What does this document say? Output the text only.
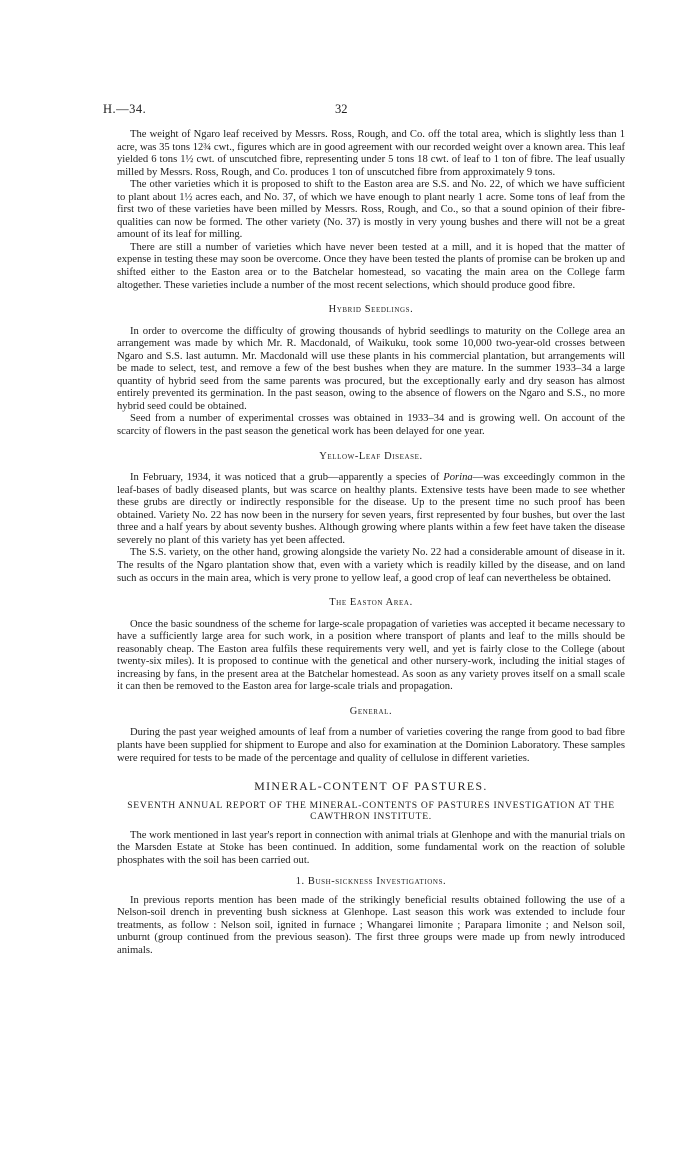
H.—34.	32

The weight of Ngaro leaf received by Messrs. Ross, Rough, and Co. off the total area, which is slightly less than 1 acre, was 35 tons 12¾ cwt., figures which are in good agreement with our recorded weight over a known area. This leaf yielded 6 tons 1½ cwt. of unscutched fibre, representing under 5 tons 18 cwt. of leaf to 1 ton of fibre. The leaf usually milled by Messrs. Ross, Rough, and Co. produces 1 ton of unscutched fibre from approximately 9 tons.

The other varieties which it is proposed to shift to the Easton area are S.S. and No. 22, of which we have sufficient to plant about 1½ acres each, and No. 37, of which we have enough to plant nearly 1 acre. Some tons of leaf from the first two of these varieties have been milled by Messrs. Ross, Rough, and Co., so that a sound opinion of their fibre-qualities can now be formed. The other variety (No. 37) is mostly in very young bushes and there will not be a great amount of its leaf for milling.

There are still a number of varieties which have never been tested at a mill, and it is hoped that the matter of expense in testing these may soon be overcome. Once they have been tested the plants of promise can be broken up and shifted either to the Easton area or to the Batchelar homestead, so vacating the main area on the College farm altogether. These varieties include a number of the most recent selections, which should produce good fibre.

Hybrid Seedlings.

In order to overcome the difficulty of growing thousands of hybrid seedlings to maturity on the College area an arrangement was made by which Mr. R. Macdonald, of Waikuku, took some 10,000 two-year-old crosses between Ngaro and S.S. last autumn. Mr. Macdonald will use these plants in his commercial plantation, but arrangements will be made to select, test, and remove a few of the best bushes when they are mature. In the summer 1933–34 a large quantity of hybrid seed from the same parents was procured, but the exceptionally early and dry season has almost entirely prevented its germination. In the past season, owing to the absence of flowers on the Ngaro and S.S., no more hybrid seed could be obtained.

Seed from a number of experimental crosses was obtained in 1933–34 and is growing well. On account of the scarcity of flowers in the past season the genetical work has been delayed for one year.

Yellow-Leaf Disease.

In February, 1934, it was noticed that a grub—apparently a species of Porina—was exceedingly common in the leaf-bases of badly diseased plants, but was scarce on healthy plants. Extensive tests have been made to see whether these grubs are directly or indirectly responsible for the disease. Up to the present time no such proof has been obtained. Variety No. 22 has now been in the nursery for seven years, first represented by four bushes, but over the last three and a half years by about seventy bushes. Although growing where plants within a few feet have taken the disease severely no plant of this variety has yet been affected.

The S.S. variety, on the other hand, growing alongside the variety No. 22 had a considerable amount of disease in it. The results of the Ngaro plantation show that, even with a variety which is readily killed by the disease, and on land such as occurs in the main area, which is very prone to yellow leaf, a good crop of leaf can nevertheless be obtained.

The Easton Area.

Once the basic soundness of the scheme for large-scale propagation of varieties was accepted it became necessary to have a sufficiently large area for such work, in a position where transport of plants and leaf to the mills should be reasonably cheap. The Easton area fulfils these requirements very well, and yet is fairly close to the College (about twenty-six miles). It is proposed to continue with the genetical and other nursery-work, including the initial stages of increasing by fans, in the present area at the Batchelar homestead. As soon as any variety proves itself on a small scale it can then be removed to the Easton area for large-scale trials and propagation.

General.

During the past year weighed amounts of leaf from a number of varieties covering the range from good to bad fibre plants have been supplied for shipment to Europe and also for examination at the Dominion Laboratory. These samples were required for tests to be made of the percentage and quality of cellulose in different varieties.

MINERAL-CONTENT OF PASTURES.
SEVENTH ANNUAL REPORT OF THE MINERAL-CONTENTS OF PASTURES INVESTIGATION AT THE CAWTHRON INSTITUTE.

The work mentioned in last year's report in connection with animal trials at Glenhope and with the manurial trials on the Marsden Estate at Stoke has been continued. In addition, some fundamental work on the reaction of soluble phosphates with the soil has been carried out.

1. Bush-sickness Investigations.

In previous reports mention has been made of the strikingly beneficial results obtained following the use of a Nelson-soil drench in preventing bush sickness at Glenhope. Last season this work was extended to include four treatments, as follow : Nelson soil, ignited in furnace ; Whangarei limonite ; Parapara limonite ; and Nelson soil, unburnt (group continued from the previous season). The first three groups were made up from newly introduced animals.
